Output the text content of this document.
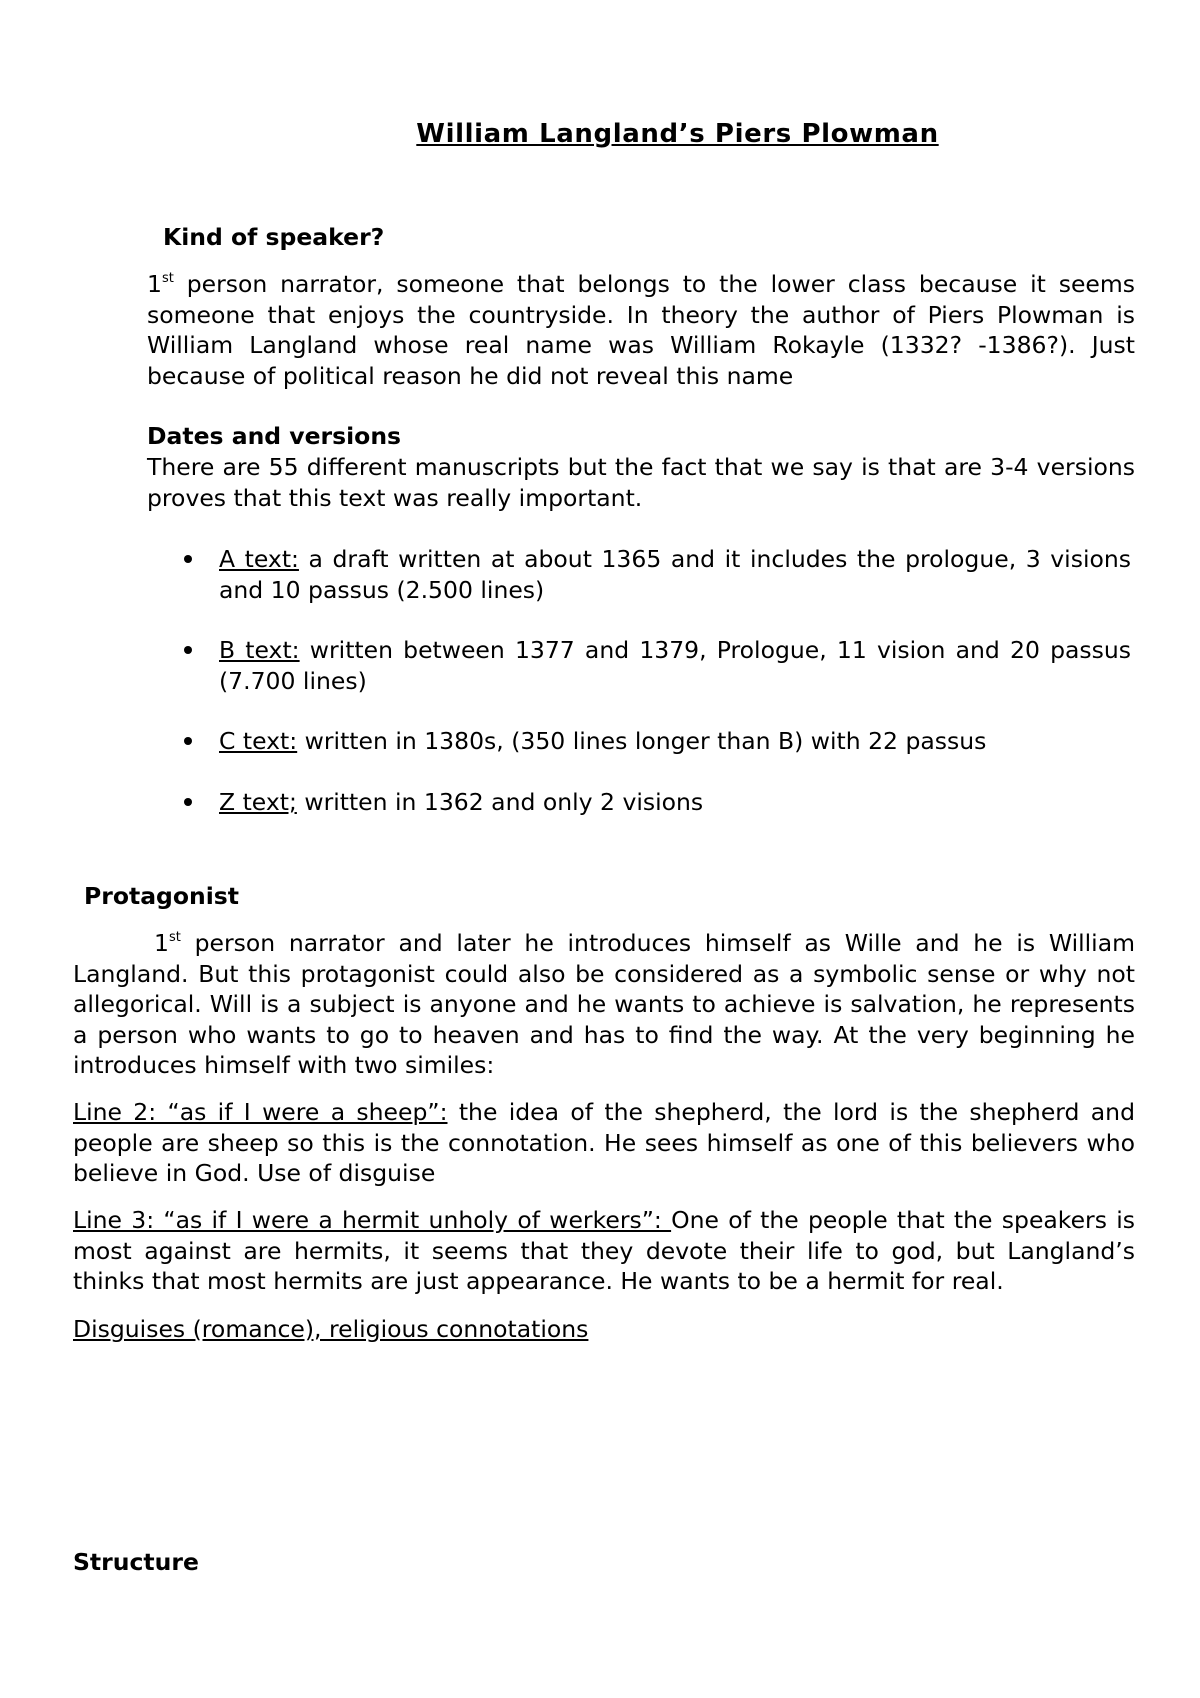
William Langland’s Piers Plowman
Kind of speaker?
1st person narrator, someone that belongs to the lower class because it seems someone that enjoys the countryside. In theory the author of Piers Plowman is William Langland whose real name was William Rokayle (1332? -1386?). Just because of political reason he did not reveal this name
Dates and versions
There are 55 different manuscripts but the fact that we say is that are 3-4 versions proves that this text was really important.
A text: a draft written at about 1365 and it includes the prologue, 3 visions and 10 passus (2.500 lines)
B text: written between 1377 and 1379, Prologue, 11 vision and 20 passus (7.700 lines)
C text: written in 1380s, (350 lines longer than B) with 22 passus
Z text; written in 1362 and only 2 visions
Protagonist
1st person narrator and later he introduces himself as Wille and he is William Langland. But this protagonist could also be considered as a symbolic sense or why not allegorical. Will is a subject is anyone and he wants to achieve is salvation, he represents a person who wants to go to heaven and has to find the way. At the very beginning he introduces himself with two similes:
Line 2: “as if I were a sheep”: the idea of the shepherd, the lord is the shepherd and people are sheep so this is the connotation. He sees himself as one of this believers who believe in God. Use of disguise
Line 3: “as if I were a hermit unholy of werkers”: One of the people that the speakers is most against are hermits, it seems that they devote their life to god, but Langland’s thinks that most hermits are just appearance. He wants to be a hermit for real.
Disguises (romance), religious connotations
Structure
